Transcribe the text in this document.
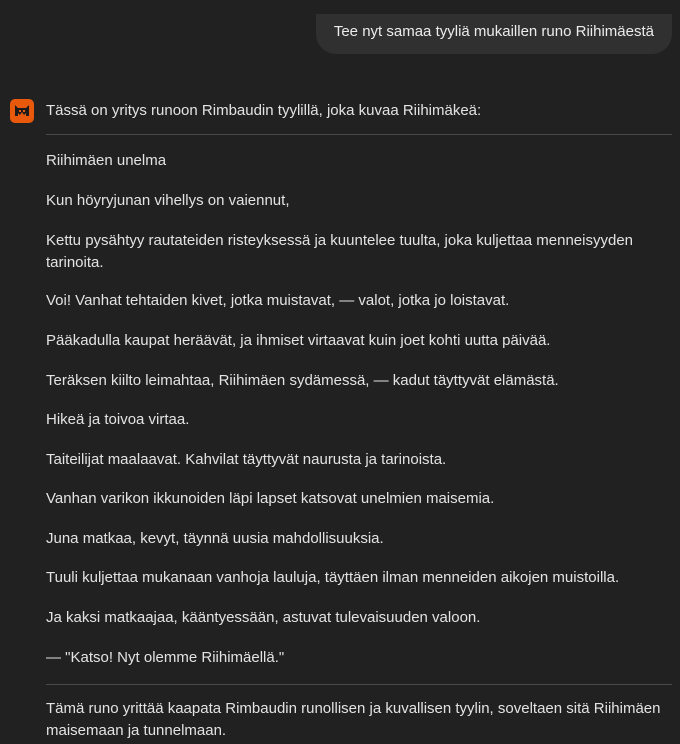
Tee nyt samaa tyyliä mukaillen runo Riihimäestä

Tässä on yritys runoon Rimbaudin tyylillä, joka kuvaa Riihimäkeä:

Riihimäen unelma

Kun höyryjunan vihellys on vaiennut,

Kettu pysähtyy rautateiden risteyksessä ja kuuntelee tuulta, joka kuljettaa menneisyyden tarinoita.

Voi! Vanhat tehtaiden kivet, jotka muistavat, — valot, jotka jo loistavat.

Pääkadulla kaupat heräävät, ja ihmiset virtaavat kuin joet kohti uutta päivää.

Teräksen kiilto leimahtaa, Riihimäen sydämessä, — kadut täyttyvät elämästä.

Hikeä ja toivoa virtaa.

Taiteilijat maalaavat. Kahvilat täyttyvät naurusta ja tarinoista.

Vanhan varikon ikkunoiden läpi lapset katsovat unelmien maisemia.

Juna matkaa, kevyt, täynnä uusia mahdollisuuksia.

Tuuli kuljettaa mukanaan vanhoja lauluja, täyttäen ilman menneiden aikojen muistoilla.

Ja kaksi matkaajaa, kääntyessään, astuvat tulevaisuuden valoon.

— "Katso! Nyt olemme Riihimäellä."

Tämä runo yrittää kaapata Rimbaudin runollisen ja kuvallisen tyylin, soveltaen sitä Riihimäen maisemaan ja tunnelmaan.
